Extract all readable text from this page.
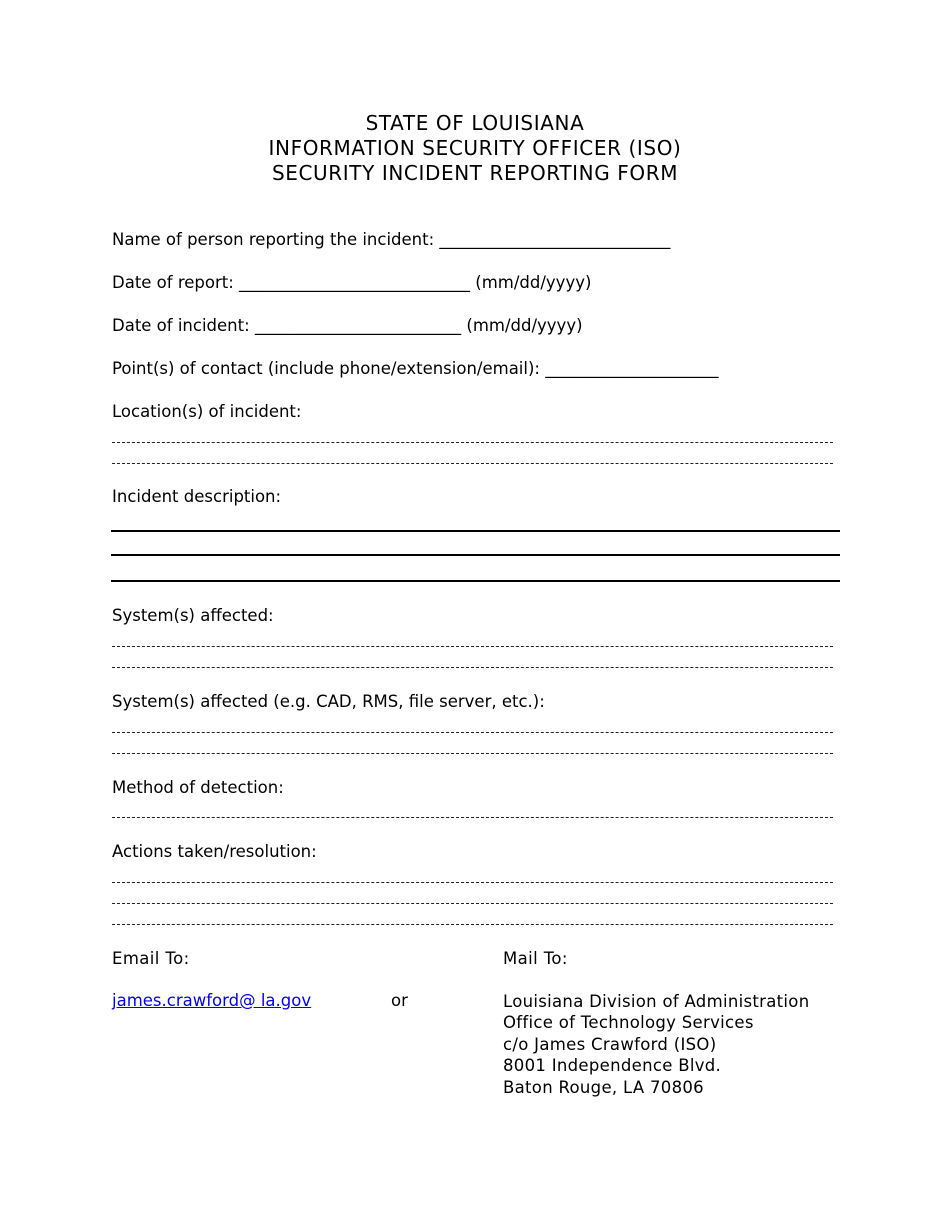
STATE OF LOUISIANA
INFORMATION SECURITY OFFICER (ISO)
SECURITY INCIDENT REPORTING FORM
Name of person reporting the incident: ____________________________
Date of report: ____________________________ (mm/dd/yyyy)
Date of incident: _________________________ (mm/dd/yyyy)
Point(s) of contact (include phone/extension/email): _____________________
Location(s) of incident:
Incident description:
System(s) affected:
System(s) affected (e.g. CAD, RMS, file server, etc.):
Method of detection:
Actions taken/resolution:
Email To:	Mail To:
james.crawford@ la.gov	or	Louisiana Division of Administration
Office of Technology Services
c/o James Crawford (ISO)
8001 Independence Blvd.
Baton Rouge, LA 70806
